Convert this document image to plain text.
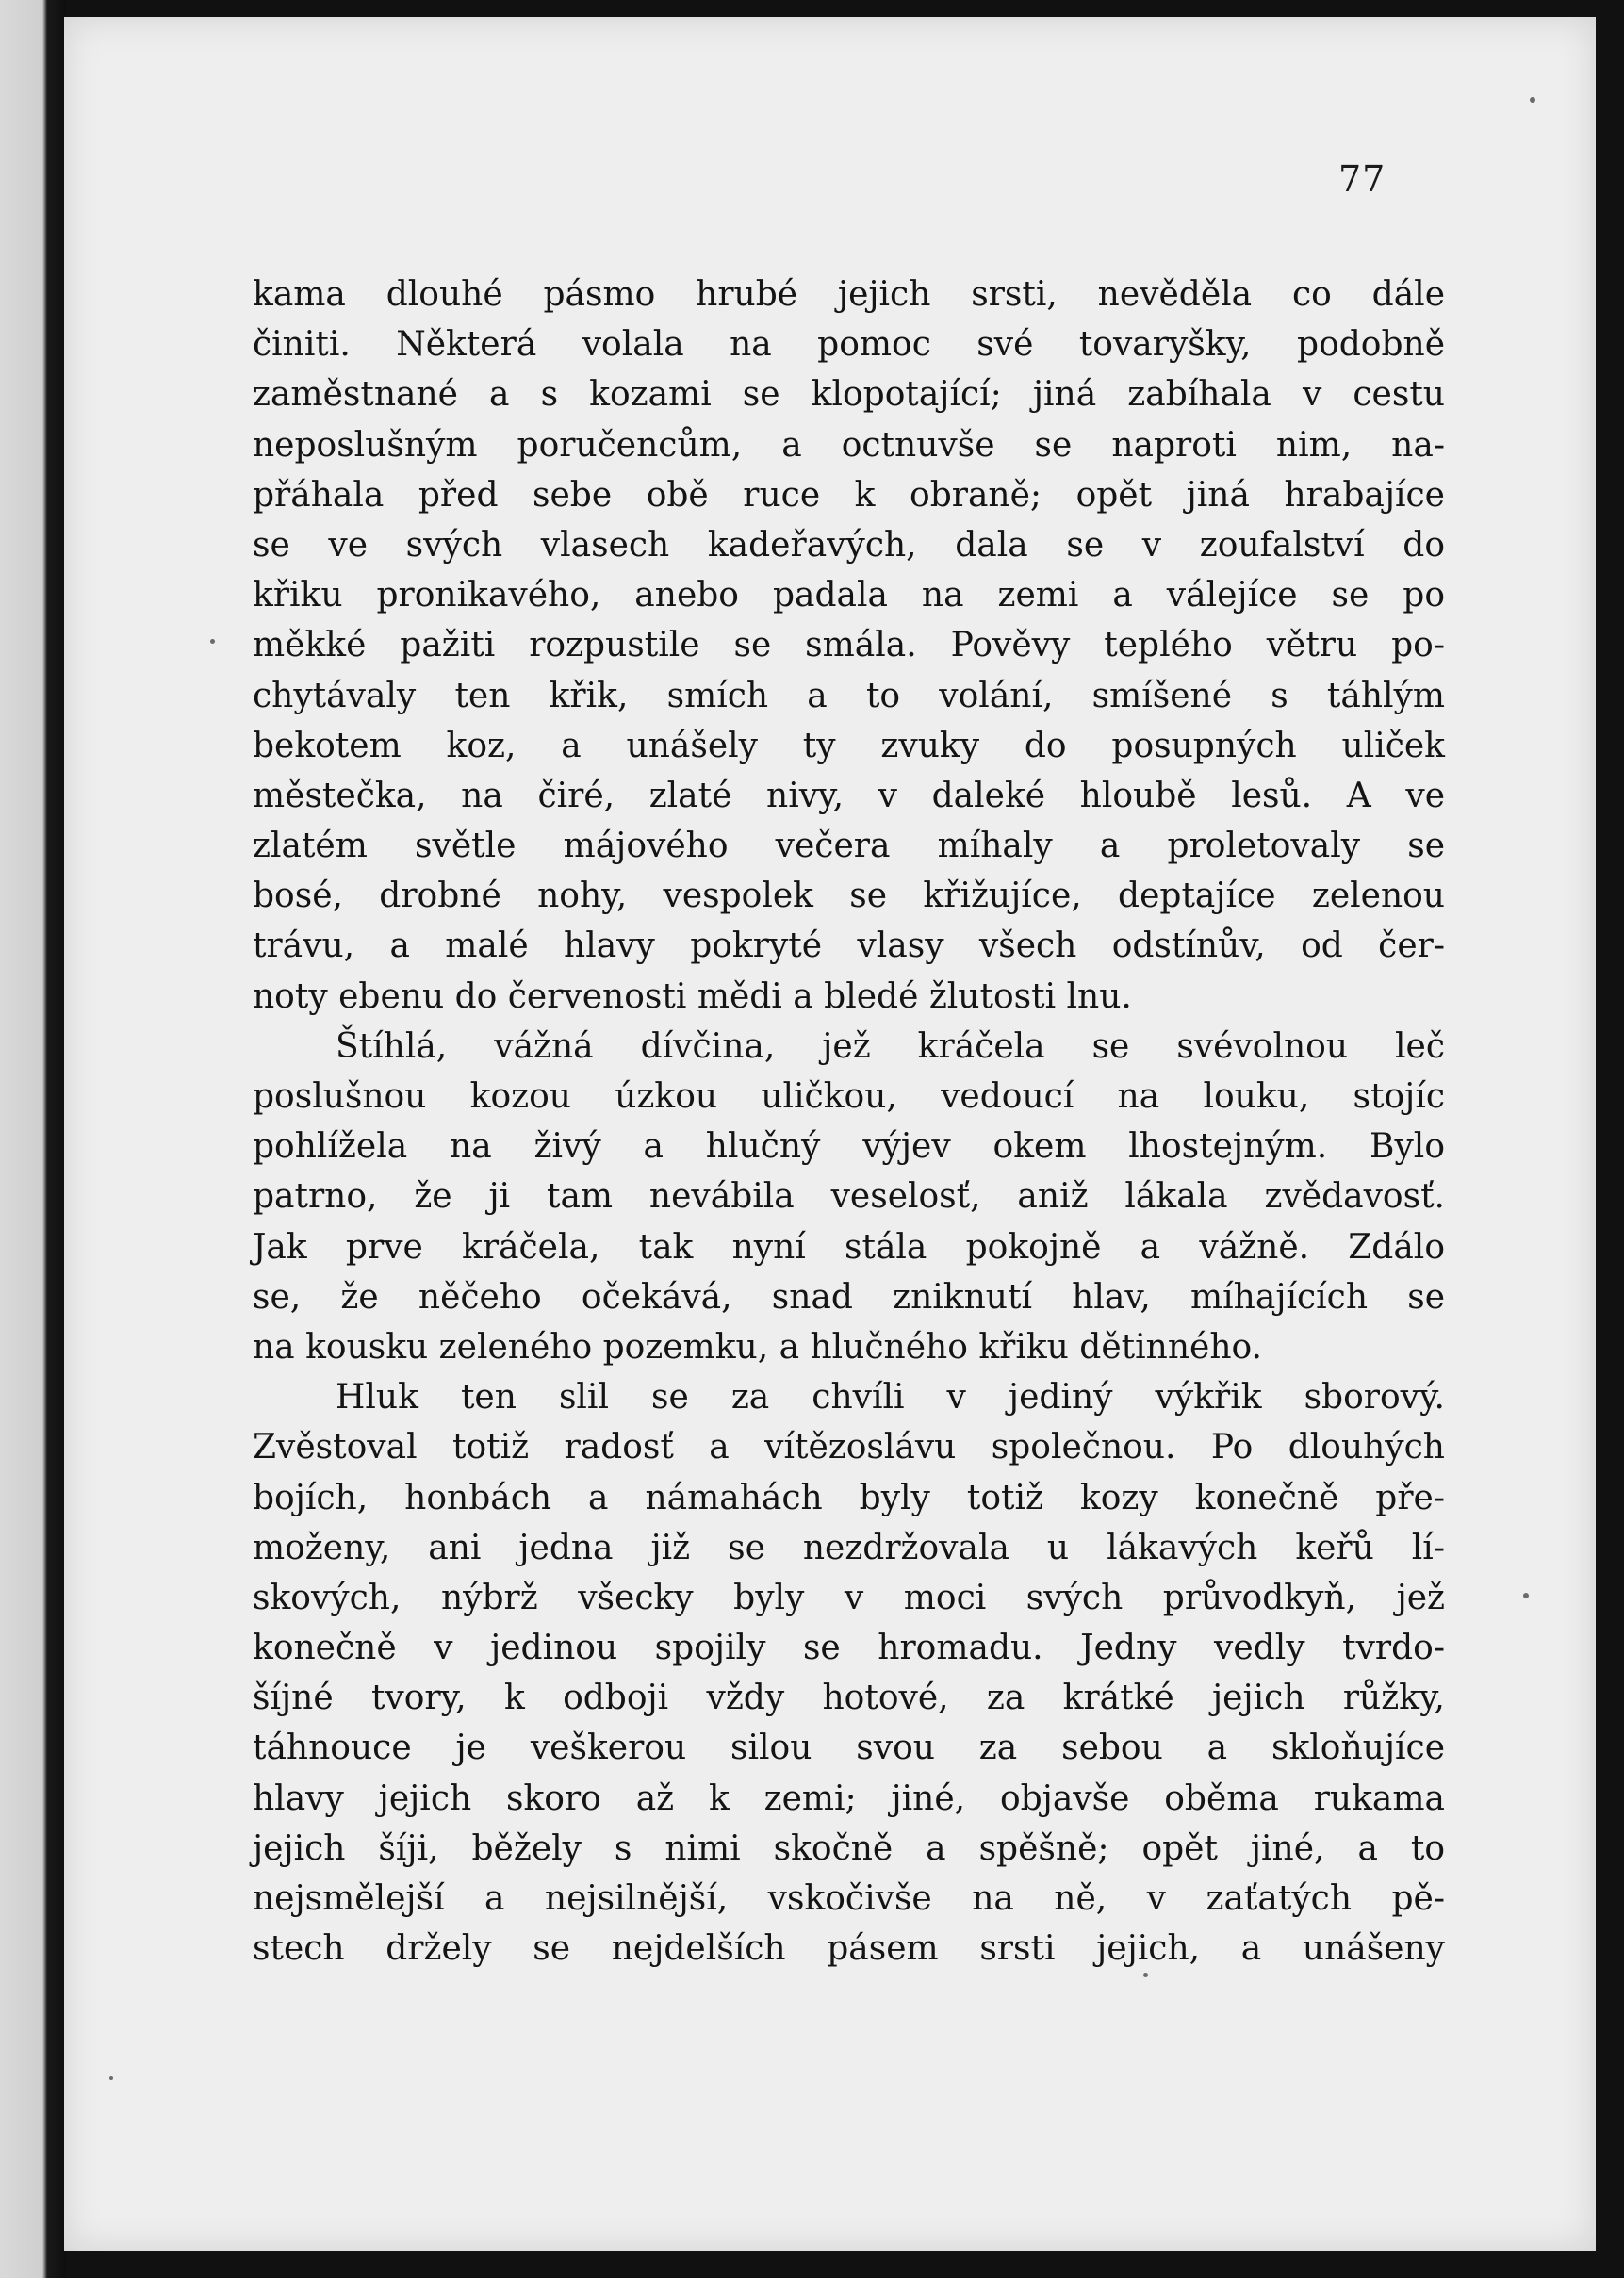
77
kama dlouhé pásmo hrubé jejich srsti, nevěděla co dále
činiti. Některá volala na pomoc své tovaryšky, podobně
zaměstnané a s kozami se klopotající; jiná zabíhala v cestu
neposlušným poručencům, a octnuvše se naproti nim, na-
přáhala před sebe obě ruce k obraně; opět jiná hrabajíce
se ve svých vlasech kadeřavých, dala se v zoufalství do
křiku pronikavého, anebo padala na zemi a válejíce se po
měkké pažiti rozpustile se smála. Pověvy teplého větru po-
chytávaly ten křik, smích a to volání, smíšené s táhlým
bekotem koz, a unášely ty zvuky do posupných uliček
městečka, na čiré, zlaté nivy, v daleké hloubě lesů. A ve
zlatém světle májového večera míhaly a proletovaly se
bosé, drobné nohy, vespolek se křižujíce, deptajíce zelenou
trávu, a malé hlavy pokryté vlasy všech odstínův, od čer-
noty ebenu do červenosti mědi a bledé žlutosti lnu.
Štíhlá, vážná dívčina, jež kráčela se svévolnou leč
poslušnou kozou úzkou uličkou, vedoucí na louku, stojíc
pohlížela na živý a hlučný výjev okem lhostejným. Bylo
patrno, že ji tam nevábila veselosť, aniž lákala zvědavosť.
Jak prve kráčela, tak nyní stála pokojně a vážně. Zdálo
se, že něčeho očekává, snad zniknutí hlav, míhajících se
na kousku zeleného pozemku, a hlučného křiku dětinného.
Hluk ten slil se za chvíli v jediný výkřik sborový.
Zvěstoval totiž radosť a vítězoslávu společnou. Po dlouhých
bojích, honbách a námahách byly totiž kozy konečně pře-
moženy, ani jedna již se nezdržovala u lákavých keřů lí-
skových, nýbrž všecky byly v moci svých průvodkyň, jež
konečně v jedinou spojily se hromadu. Jedny vedly tvrdo-
šíjné tvory, k odboji vždy hotové, za krátké jejich růžky,
táhnouce je veškerou silou svou za sebou a skloňujíce
hlavy jejich skoro až k zemi; jiné, objavše oběma rukama
jejich šíji, běžely s nimi skočně a spěšně; opět jiné, a to
nejsmělejší a nejsilnější, vskočivše na ně, v zaťatých pě-
stech držely se nejdelších pásem srsti jejich, a unášeny
